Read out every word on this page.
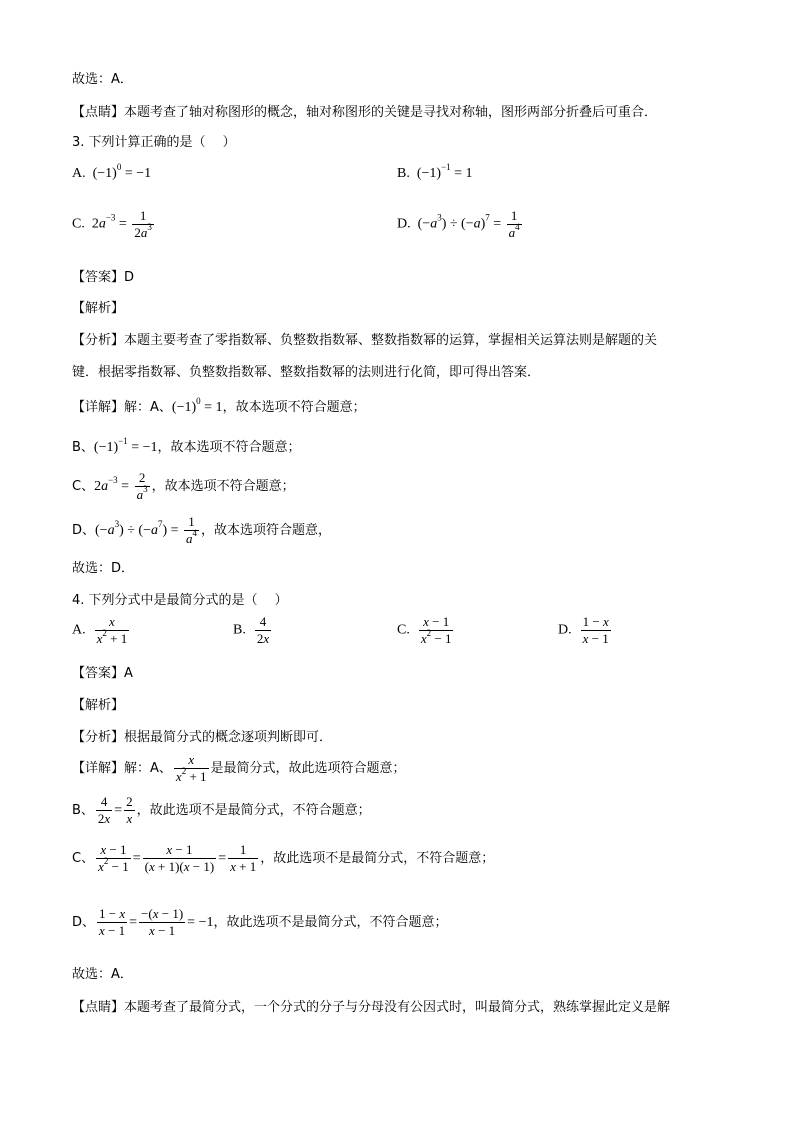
故选：A．
【点睛】本题考查了轴对称图形的概念，轴对称图形的关键是寻找对称轴，图形两部分折叠后可重合．
3. 下列计算正确的是（　 ）
A.  $(-1)^0 = -1$	B.  $(-1)^{-1} = 1$
C.  $2a^{-3} = \frac{1}{2a^3}$	D.  $(-a^3) \div (-a)^7 = \frac{1}{a^4}$
【答案】D
【解析】
【分析】本题主要考查了零指数幂、负整数指数幂、整数指数幂的运算，掌握相关运算法则是解题的关
键．根据零指数幂、负整数指数幂、整数指数幂的法则进行化简，即可得出答案．
【详解】解：A、$(-1)^0 = 1$，故本选项不符合题意；
B、$(-1)^{-1} = -1$，故本选项不符合题意；
C、$2a^{-3} = \frac{2}{a^3}$ ，故本选项不符合题意；
D、$(-a^3) \div (-a^7) = \frac{1}{a^4}$ ，故本选项符合题意，
故选：D．
4. 下列分式中是最简分式的是（　 ）
A. $\frac{x}{x^2 + 1}$	B. $\frac{4}{2x}$	C. $\frac{x - 1}{x^2 - 1}$	D. $\frac{1 - x}{x - 1}$
【答案】A
【解析】
【分析】根据最简分式的概念逐项判断即可．
【详解】解：A、 $\frac{x}{x^2 + 1}$ 是最简分式，故此选项符合题意；
B、 $\frac{4}{2x} = \frac{2}{x}$ ，故此选项不是最简分式，不符合题意；
C、 $\frac{x - 1}{x^2 - 1} = \frac{x - 1}{(x + 1)(x - 1)} = \frac{1}{x + 1}$ ，故此选项不是最简分式，不符合题意；
D、 $\frac{1 - x}{x - 1} = \frac{-(x - 1)}{x - 1} = -1$，故此选项不是最简分式，不符合题意；
故选：A．
【点睛】本题考查了最简分式，一个分式的分子与分母没有公因式时，叫最简分式，熟练掌握此定义是解
